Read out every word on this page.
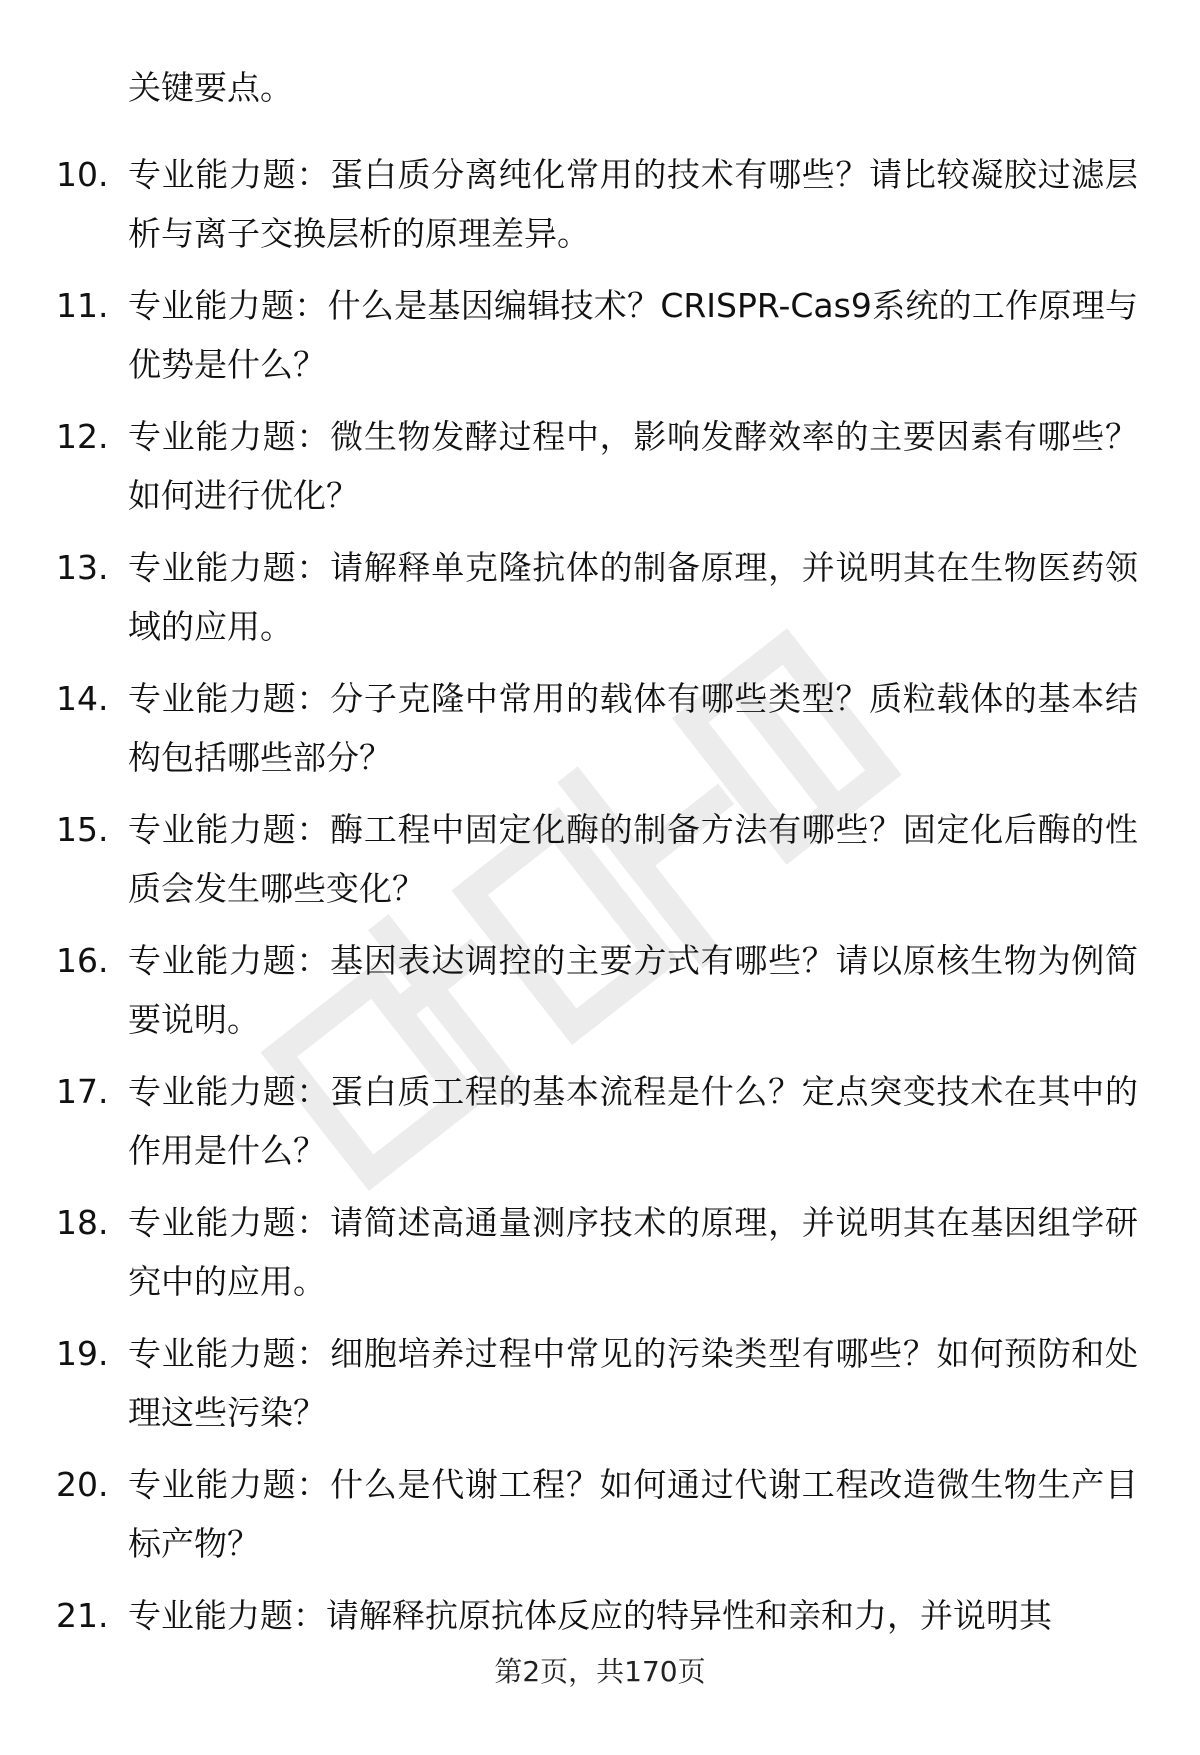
关键要点。

10. 专业能力题：蛋白质分离纯化常用的技术有哪些？请比较凝胶过滤层析与离子交换层析的原理差异。

11. 专业能力题：什么是基因编辑技术？CRISPR-Cas9系统的工作原理与优势是什么？

12. 专业能力题：微生物发酵过程中，影响发酵效率的主要因素有哪些？如何进行优化？

13. 专业能力题：请解释单克隆抗体的制备原理，并说明其在生物医药领域的应用。

14. 专业能力题：分子克隆中常用的载体有哪些类型？质粒载体的基本结构包括哪些部分？

15. 专业能力题：酶工程中固定化酶的制备方法有哪些？固定化后酶的性质会发生哪些变化？

16. 专业能力题：基因表达调控的主要方式有哪些？请以原核生物为例简要说明。

17. 专业能力题：蛋白质工程的基本流程是什么？定点突变技术在其中的作用是什么？

18. 专业能力题：请简述高通量测序技术的原理，并说明其在基因组学研究中的应用。

19. 专业能力题：细胞培养过程中常见的污染类型有哪些？如何预防和处理这些污染？

20. 专业能力题：什么是代谢工程？如何通过代谢工程改造微生物生产目标产物？

21. 专业能力题：请解释抗原抗体反应的特异性和亲和力，并说明其

第2页，共170页
